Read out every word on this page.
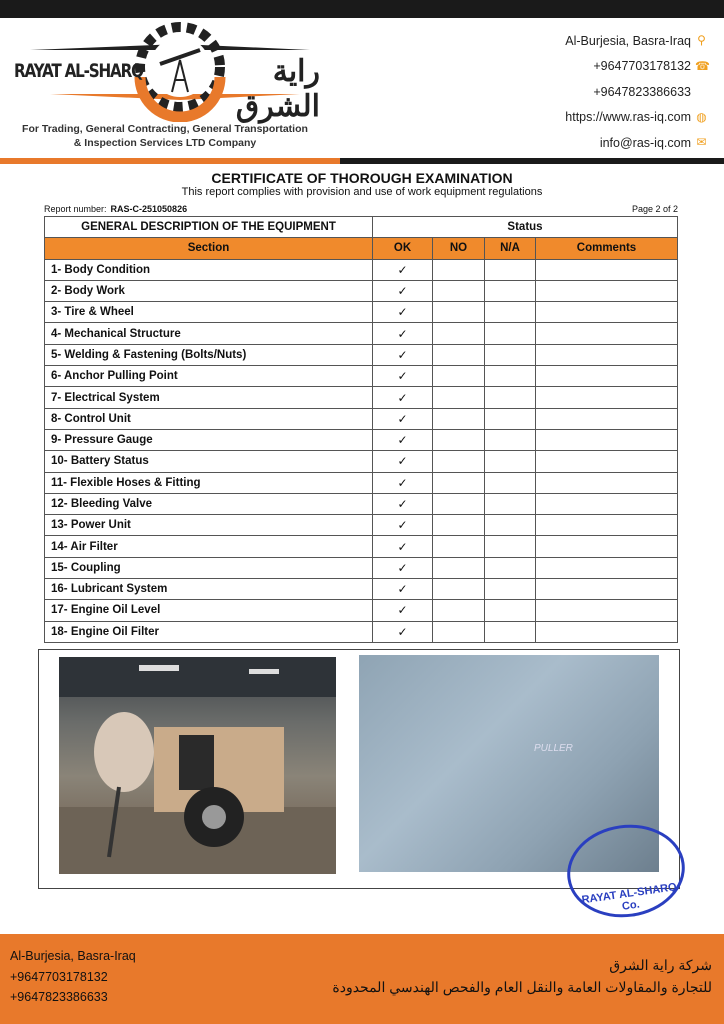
RAYAT AL-SHARQ	راية الشرق
For Trading, General Contracting, General Transportation
& Inspection Services LTD Company
Al-Burjesia, Basra-Iraq ⚲
+9647703178132 ☎
+9647823386633
https://www.ras-iq.com ◍
info@ras-iq.com ✉
CERTIFICATE OF THOROUGH EXAMINATION
This report complies with provision and use of work equipment regulations
Report number: RAS-C-251050826	Page 2 of 2
GENERAL DESCRIPTION OF THE EQUIPMENT	Status			
Section	OK	NO	N/A	Comments
1- Body Condition	✓			
2- Body Work	✓			
3- Tire & Wheel	✓			
4- Mechanical Structure	✓			
5- Welding & Fastening (Bolts/Nuts)	✓			
6- Anchor Pulling Point	✓			
7- Electrical System	✓			
8- Control Unit	✓			
9- Pressure Gauge	✓			
10- Battery Status	✓			
11- Flexible Hoses & Fitting	✓			
12- Bleeding Valve	✓			
13- Power Unit	✓			
14- Air Filter	✓			
15- Coupling	✓			
16- Lubricant System	✓			
17- Engine Oil Level	✓			
18- Engine Oil Filter	✓			
PULLER
RAYAT AL-SHARQ Co.
Al-Burjesia, Basra-Iraq
+9647703178132
+9647823386633
شركة راية الشرق
للتجارة والمقاولات العامة والنقل العام والفحص الهندسي المحدودة
